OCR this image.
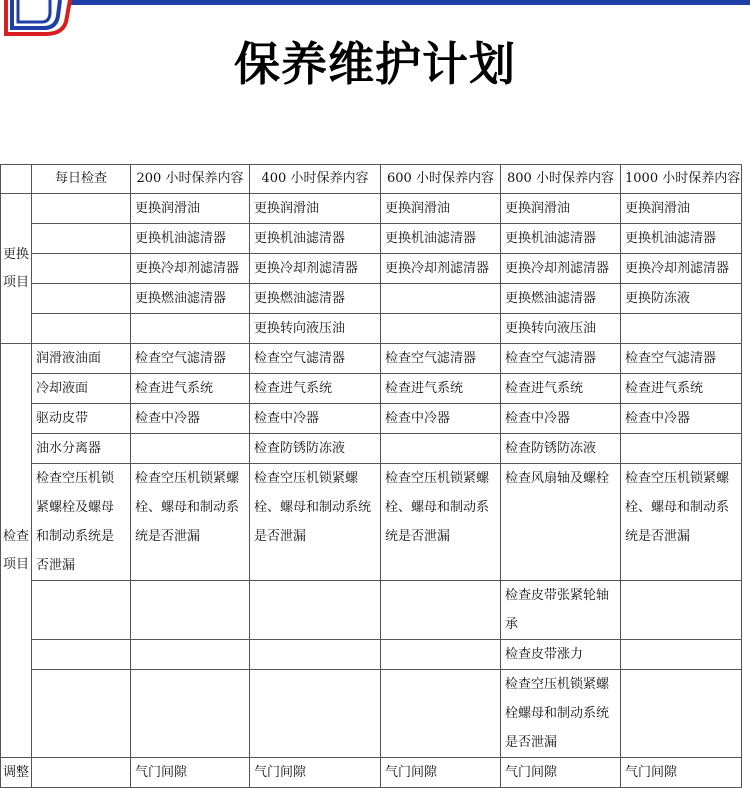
保养维护计划
	每日检查	200 小时保养内容	400 小时保养内容	600 小时保养内容	800 小时保养内容	1000 小时保养内容

更换
项目		更换润滑油	更换润滑油	更换润滑油	更换润滑油	更换润滑油
		更换机油滤清器	更换机油滤清器	更换机油滤清器	更换机油滤清器	更换机油滤清器
		更换冷却剂滤清器	更换冷却剂滤清器	更换冷却剂滤清器	更换冷却剂滤清器	更换冷却剂滤清器
		更换燃油滤清器	更换燃油滤清器		更换燃油滤清器	更换防冻液
			更换转向液压油		更换转向液压油	

检查
项目	润滑液油面	检查空气滤清器	检查空气滤清器	检查空气滤清器	检查空气滤清器	检查空气滤清器
	冷却液面	检查进气系统	检查进气系统	检查进气系统	检查进气系统	检查进气系统
	驱动皮带	检查中冷器	检查中冷器	检查中冷器	检查中冷器	检查中冷器
	油水分离器		检查防锈防冻液		检查防锈防冻液	
	检查空压机锁紧螺栓及螺母和制动系统是否泄漏	检查空压机锁紧螺栓、螺母和制动系统是否泄漏	检查空压机锁紧螺栓、螺母和制动系统是否泄漏	检查空压机锁紧螺栓、螺母和制动系统是否泄漏	检查风扇轴及螺栓	检查空压机锁紧螺栓、螺母和制动系统是否泄漏
					检查皮带张紧轮轴承	
					检查皮带涨力	
					检查空压机锁紧螺栓螺母和制动系统是否泄漏	
调整		气门间隙	气门间隙	气门间隙	气门间隙	气门间隙
